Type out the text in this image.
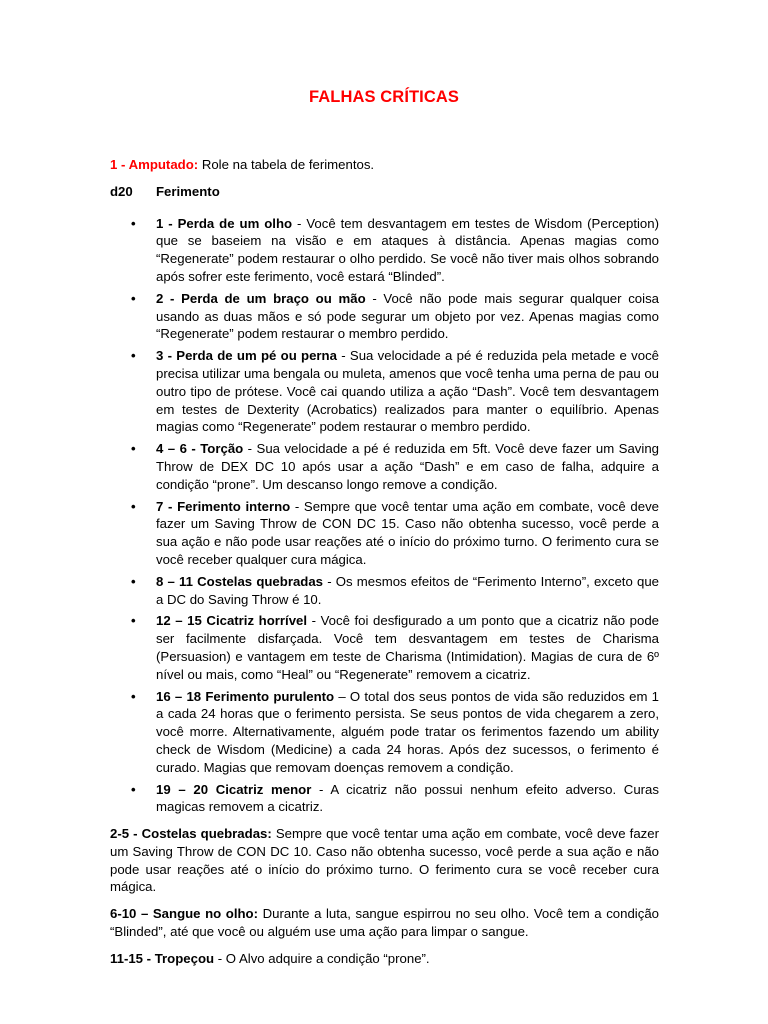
FALHAS CRÍTICAS

1 - Amputado: Role na tabela de ferimentos.

d20	Ferimento
•
1 - Perda de um olho - Você tem desvantagem em testes de Wisdom (Perception) que se baseiem na visão e em ataques à distância. Apenas magias como “Regenerate” podem restaurar o olho perdido. Se você não tiver mais olhos sobrando após sofrer este ferimento, você estará “Blinded”.
•
2 - Perda de um braço ou mão - Você não pode mais segurar qualquer coisa usando as duas mãos e só pode segurar um objeto por vez. Apenas magias como “Regenerate” podem restaurar o membro perdido.
•
3 - Perda de um pé ou perna - Sua velocidade a pé é reduzida pela metade e você precisa utilizar uma bengala ou muleta, amenos que você tenha uma perna de pau ou outro tipo de prótese. Você cai quando utiliza a ação “Dash”. Você tem desvantagem em testes de Dexterity (Acrobatics) realizados para manter o equilíbrio. Apenas magias como “Regenerate” podem restaurar o membro perdido.
•
4 – 6 - Torção - Sua velocidade a pé é reduzida em 5ft. Você deve fazer um Saving Throw de DEX DC 10 após usar a ação “Dash” e em caso de falha, adquire a condição “prone”. Um descanso longo remove a condição.
•
7 - Ferimento interno - Sempre que você tentar uma ação em combate, você deve fazer um Saving Throw de CON DC 15. Caso não obtenha sucesso, você perde a sua ação e não pode usar reações até o início do próximo turno. O ferimento cura se você receber qualquer cura mágica.
•
8 – 11 Costelas quebradas - Os mesmos efeitos de “Ferimento Interno”, exceto que a DC do Saving Throw é 10.
•
12 – 15 Cicatriz horrível - Você foi desfigurado a um ponto que a cicatriz não pode ser facilmente disfarçada. Você tem desvantagem em testes de Charisma (Persuasion) e vantagem em teste de Charisma (Intimidation). Magias de cura de 6º nível ou mais, como “Heal” ou “Regenerate” removem a cicatriz.
•
16 – 18 Ferimento purulento – O total dos seus pontos de vida são reduzidos em 1 a cada 24 horas que o ferimento persista. Se seus pontos de vida chegarem a zero, você morre. Alternativamente, alguém pode tratar os ferimentos fazendo um ability check de Wisdom (Medicine) a cada 24 horas. Após dez sucessos, o ferimento é curado. Magias que removam doenças removem a condição.
•
19 – 20 Cicatriz menor - A cicatriz não possui nenhum efeito adverso. Curas magicas removem a cicatriz.

2-5 - Costelas quebradas: Sempre que você tentar uma ação em combate, você deve fazer um Saving Throw de CON DC 10. Caso não obtenha sucesso, você perde a sua ação e não pode usar reações até o início do próximo turno. O ferimento cura se você receber cura mágica.

6-10 – Sangue no olho: Durante a luta, sangue espirrou no seu olho. Você tem a condição “Blinded”, até que você ou alguém use uma ação para limpar o sangue.

11-15 - Tropeçou - O Alvo adquire a condição “prone”.
